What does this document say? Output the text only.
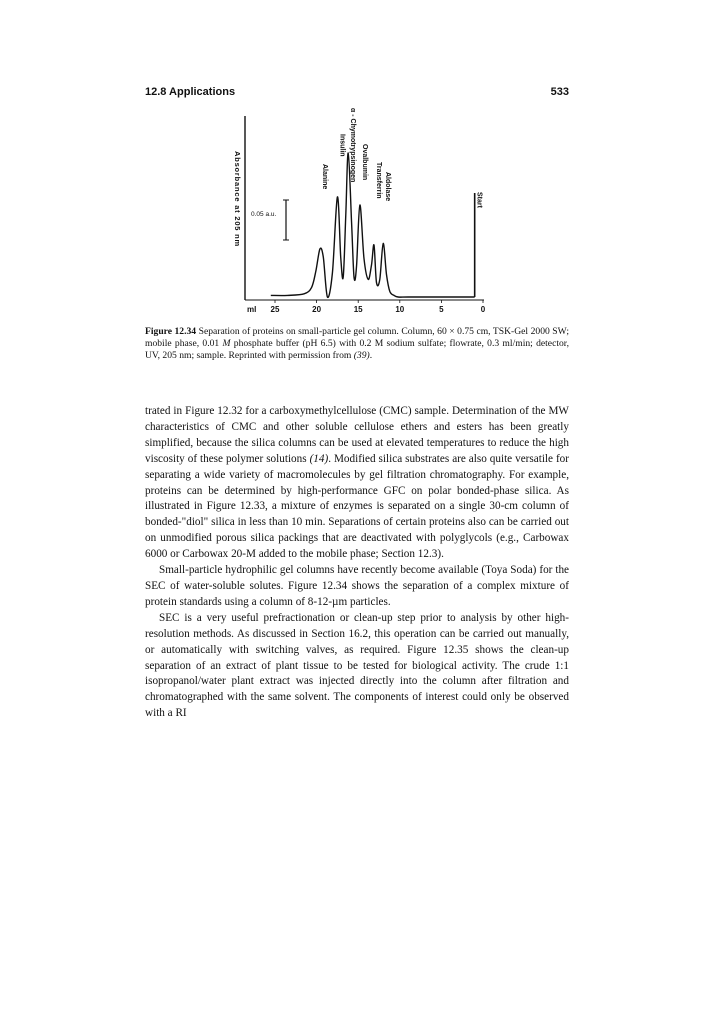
12.8 Applications	533
Absorbance at 205 nm 0.05 a.u.
ml 25	20	15	10	5	0
Alanine
Insulin α - Chymotrypsinogen Ovalbumin Transferrin Aldolase	Start
Figure 12.34 Separation of proteins on small-particle gel column. Column, 60 × 0.75 cm, TSK-Gel 2000 SW; mobile phase, 0.01 M phosphate buffer (pH 6.5) with 0.2 M sodium sulfate; flowrate, 0.3 ml/min; detector, UV, 205 nm; sample. Reprinted with permission from (39).

trated in Figure 12.32 for a carboxymethylcellulose (CMC) sample. Determination of the MW characteristics of CMC and other soluble cellulose ethers and esters has been greatly simplified, because the silica columns can be used at elevated temperatures to reduce the high viscosity of these polymer solutions (14). Modified silica substrates are also quite versatile for separating a wide variety of macromolecules by gel filtration chromatography. For example, proteins can be determined by high-performance GFC on polar bonded-phase silica. As illustrated in Figure 12.33, a mixture of enzymes is separated on a single 30-cm column of bonded-"diol" silica in less than 10 min. Separations of certain proteins also can be carried out on unmodified porous silica packings that are deactivated with polyglycols (e.g., Carbowax 6000 or Carbowax 20-M added to the mobile phase; Section 12.3).

Small-particle hydrophilic gel columns have recently become available (Toya Soda) for the SEC of water-soluble solutes. Figure 12.34 shows the separation of a complex mixture of protein standards using a column of 8-12-µm particles.

SEC is a very useful prefractionation or clean-up step prior to analysis by other high-resolution methods. As discussed in Section 16.2, this operation can be carried out manually, or automatically with switching valves, as required. Figure 12.35 shows the clean-up separation of an extract of plant tissue to be tested for biological activity. The crude 1:1 isopropanol/water plant extract was injected directly into the column after filtration and chromatographed with the same solvent. The components of interest could only be observed with a RI
